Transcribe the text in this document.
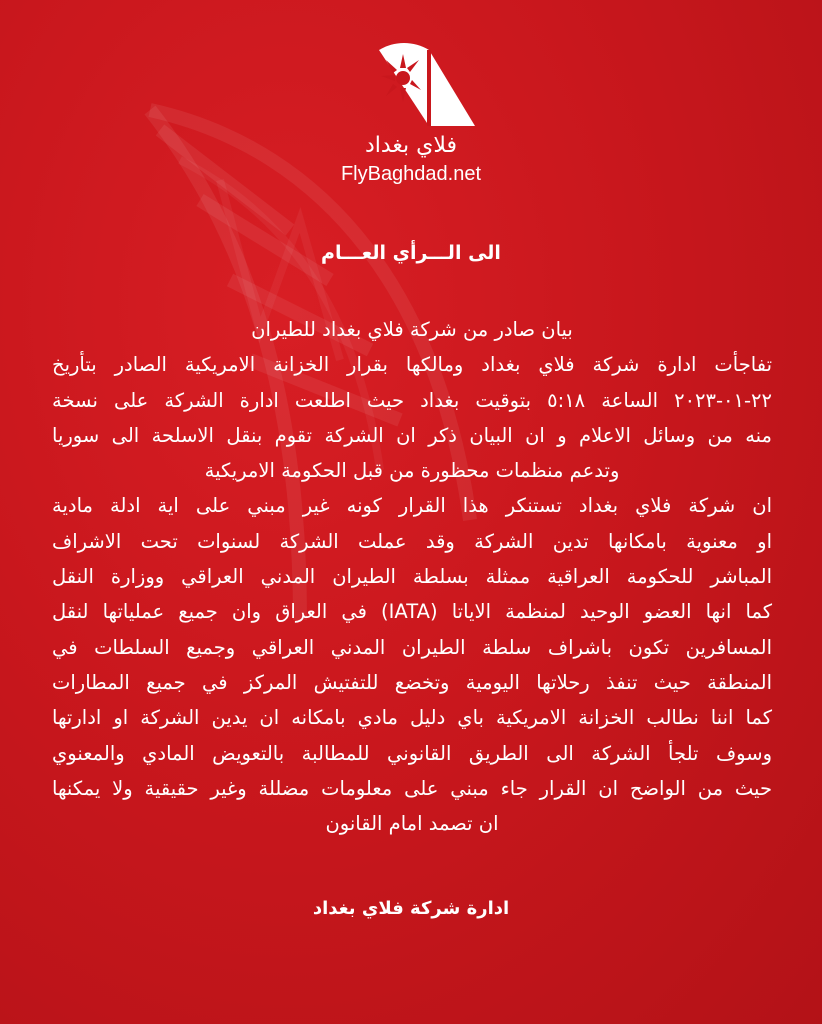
فلاي بغداد
FlyBaghdad.net
الى الـــرأي العـــام
بيان صادر من شركة فلاي بغداد للطيران
تفاجأت ادارة شركة فلاي بغداد ومالكها بقرار الخزانة الامريكية الصادر بتأريخ
٢٢-٠١-٢٠٢٣ الساعة ٥:١٨ بتوقيت بغداد حيث اطلعت ادارة الشركة على نسخة
منه من وسائل الاعلام و ان البيان ذكر ان الشركة تقوم بنقل الاسلحة الى سوريا
وتدعم منظمات محظورة من قبل الحكومة الامريكية
ان شركة فلاي بغداد تستنكر هذا القرار كونه غير مبني على اية ادلة مادية
او معنوية بامكانها تدين الشركة وقد عملت الشركة لسنوات تحت الاشراف
المباشر للحكومة العراقية ممثلة بسلطة الطيران المدني العراقي ووزارة النقل
كما انها العضو الوحيد لمنظمة الاياتا (IATA) في العراق وان جميع عملياتها لنقل
المسافرين تكون باشراف سلطة الطيران المدني العراقي وجميع السلطات في
المنطقة حيث تنفذ رحلاتها اليومية وتخضع للتفتيش المركز في جميع المطارات
كما اننا نطالب الخزانة الامريكية باي دليل مادي بامكانه ان يدين الشركة او ادارتها
وسوف تلجأ الشركة الى الطريق القانوني للمطالبة بالتعويض المادي والمعنوي
حيث من الواضح ان القرار جاء مبني على معلومات مضللة وغير حقيقية ولا يمكنها
ان تصمد امام القانون
ادارة شركة فلاي بغداد
